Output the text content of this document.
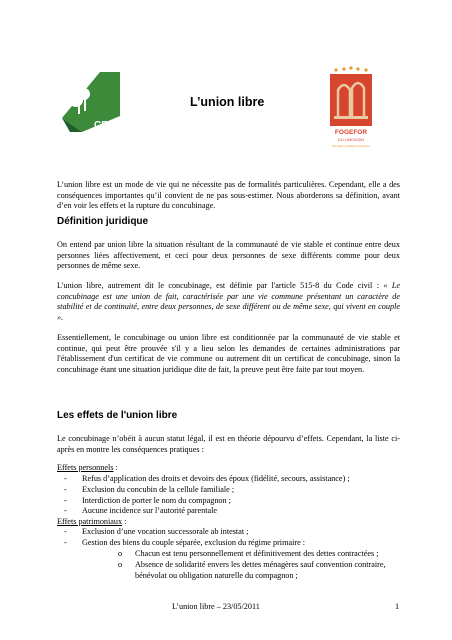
CRPF
L’union libre
FOGEFOR
DU LIMOUSIN
formation juridique forestière
L’union libre est un mode de vie qui ne nécessite pas de formalités particulières. Cependant, elle a des conséquences importantes qu’il convient de ne pas sous-estimer. Nous aborderons sa définition, avant d’en voir les effets et la rupture du concubinage.
Définition juridique
On entend par union libre la situation résultant de la communauté de vie stable et continue entre deux personnes liées affectivement, et ceci pour deux personnes de sexe différents comme pour deux personnes de même sexe.
L'union libre, autrement dit le concubinage, est définie par l'article 515-8 du Code civil : « Le concubinage est une union de fait, caractérisée par une vie commune présentant un caractère de stabilité et de continuité, entre deux personnes, de sexe différent ou de même sexe, qui vivent en couple ».
Essentiellement, le concubinage ou union libre est conditionnée par la communauté de vie stable et continue, qui peut être prouvée s'il y a lieu selon les demandes de certaines administrations par l'établissement d'un certificat de vie commune ou autrement dit un certificat de concubinage, sinon la concubinage étant une situation juridique dite de fait, la preuve peut être faite par tout moyen.
Les effets de l'union libre
Le concubinage n’obéit à aucun statut légal, il est en théorie dépourvu d’effets. Cependant, la liste ci-après en montre les conséquences pratiques :
Effets personnels :
- Refus d’application des droits et devoirs des époux (fidélité, secours, assistance) ;
- Exclusion du concubin de la cellule familiale ;
- Interdiction de porter le nom du compagnon ;
- Aucune incidence sur l’autorité parentale
Effets patrimoniaux :
- Exclusion d’une vocation successorale ab intestat ;
- Gestion des biens du couple séparée, exclusion du régime primaire :
o Chacun est tenu personnellement et définitivement des dettes contractées ;
o Absence de solidarité envers les dettes ménagères sauf convention contraire,
bénévolat ou obligation naturelle du compagnon ;
L’union libre – 23/05/2011	1
